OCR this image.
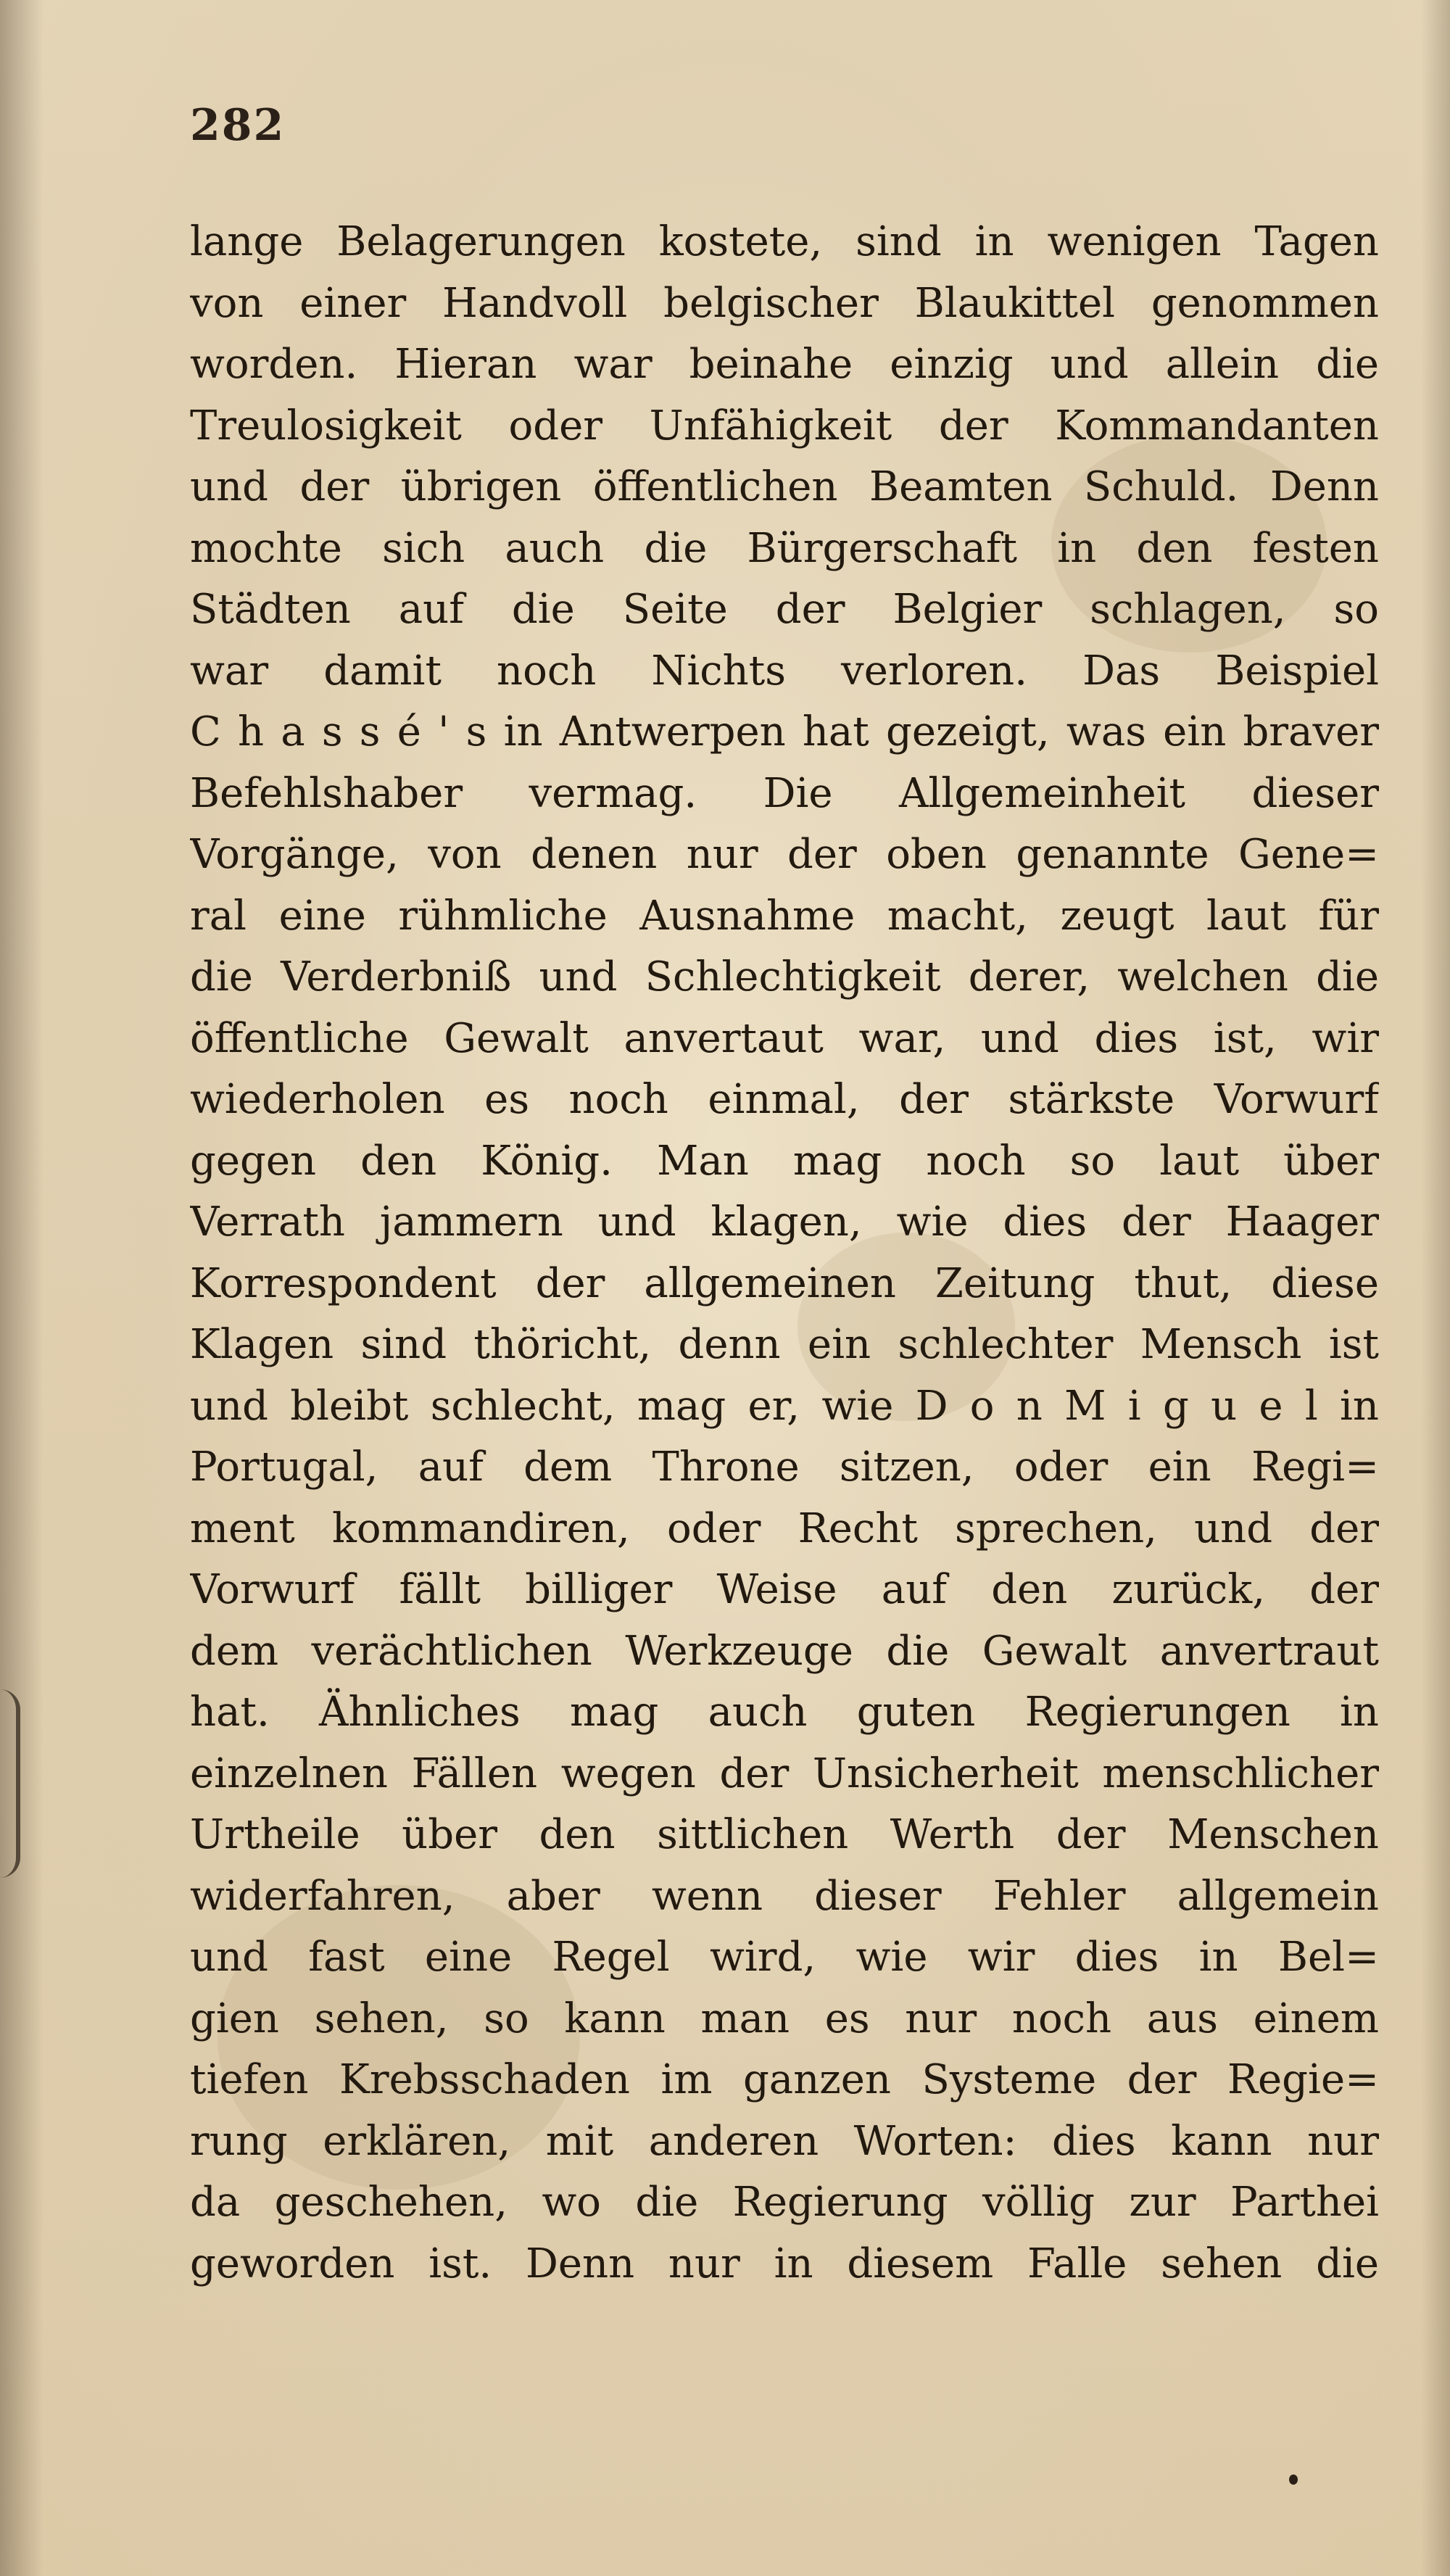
282
lange Belagerungen kostete, sind in wenigen Tagen
von einer Handvoll belgischer Blaukittel genommen
worden. Hieran war beinahe einzig und allein die
Treulosigkeit oder Unfähigkeit der Kommandanten
und der übrigen öffentlichen Beamten Schuld. Denn
mochte sich auch die Bürgerschaft in den festen
Städten auf die Seite der Belgier schlagen, so
war damit noch Nichts verloren. Das Beispiel
C h a s s é ' s in Antwerpen hat gezeigt, was ein braver
Befehlshaber vermag. Die Allgemeinheit dieser
Vorgänge, von denen nur der oben genannte Gene=
ral eine rühmliche Ausnahme macht, zeugt laut für
die Verderbniß und Schlechtigkeit derer, welchen die
öffentliche Gewalt anvertaut war, und dies ist, wir
wiederholen es noch einmal, der stärkste Vorwurf
gegen den König. Man mag noch so laut über
Verrath jammern und klagen, wie dies der Haager
Korrespondent der allgemeinen Zeitung thut, diese
Klagen sind thöricht, denn ein schlechter Mensch ist
und bleibt schlecht, mag er, wie D o n M i g u e l in
Portugal, auf dem Throne sitzen, oder ein Regi=
ment kommandiren, oder Recht sprechen, und der
Vorwurf fällt billiger Weise auf den zurück, der
dem verächtlichen Werkzeuge die Gewalt anvertraut
hat. Ähnliches mag auch guten Regierungen in
einzelnen Fällen wegen der Unsicherheit menschlicher
Urtheile über den sittlichen Werth der Menschen
widerfahren, aber wenn dieser Fehler allgemein
und fast eine Regel wird, wie wir dies in Bel=
gien sehen, so kann man es nur noch aus einem
tiefen Krebsschaden im ganzen Systeme der Regie=
rung erklären, mit anderen Worten: dies kann nur
da geschehen, wo die Regierung völlig zur Parthei
geworden ist. Denn nur in diesem Falle sehen die
